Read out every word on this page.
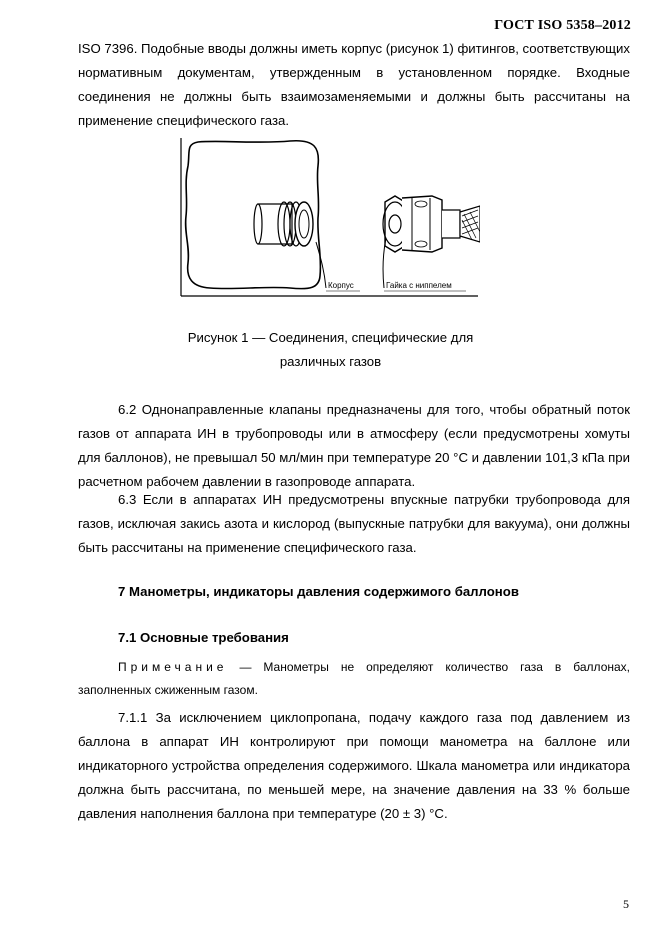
ГОСТ ISO 5358–2012

ISO 7396. Подобные вводы должны иметь корпус (рисунок 1) фитингов, соответствующих нормативным документам, утвержденным в установленном порядке. Входные соединения не должны быть взаимозаменяемыми и должны быть рассчитаны на применение специфического газа.

Корпус	Гайка с ниппелем
Рисунок 1 — Соединения, специфические для
различных газов

6.2 Однонаправленные клапаны предназначены для того, чтобы обратный поток газов от аппарата ИН в трубопроводы или в атмосферу (если предусмотрены хомуты для баллонов), не превышал 50 мл/мин при температуре 20 °С и давлении 101,3 кПа при расчетном рабочем давлении в газопроводе аппарата.

6.3 Если в аппаратах ИН предусмотрены впускные патрубки трубопровода для газов, исключая закись азота и кислород (выпускные патрубки для вакуума), они должны быть рассчитаны на применение специфического газа.

7 Манометры, индикаторы давления содержимого баллонов

7.1 Основные требования

Примечание — Манометры не определяют количество газа в баллонах, заполненных сжиженным газом.

7.1.1 За исключением циклопропана, подачу каждого газа под давлением из баллона в аппарат ИН контролируют при помощи манометра на баллоне или индикаторного устройства определения содержимого. Шкала манометра или индикатора должна быть рассчитана, по меньшей мере, на значение давления на 33 % больше давления наполнения баллона при температуре (20 ± 3) °С.

5
